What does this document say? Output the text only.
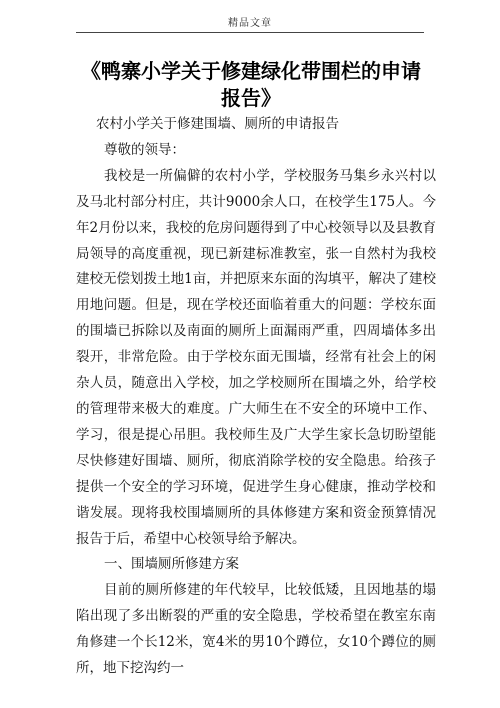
精品文章
《鸭寨小学关于修建绿化带围栏的申请报告》

农村小学关于修建围墙、厕所的申请报告

尊敬的领导：

我校是一所偏僻的农村小学，学校服务马集乡永兴村以及马北村部分村庄，共计9000余人口，在校学生175人。今年2月份以来，我校的危房问题得到了中心校领导以及县教育局领导的高度重视，现已新建标准教室，张一自然村为我校建校无偿划拨土地1亩，并把原来东面的沟填平，解决了建校用地问题。但是，现在学校还面临着重大的问题：学校东面的围墙已拆除以及南面的厕所上面漏雨严重，四周墙体多出裂开，非常危险。由于学校东面无围墙，经常有社会上的闲杂人员，随意出入学校，加之学校厕所在围墙之外，给学校的管理带来极大的难度。广大师生在不安全的环境中工作、学习，很是提心吊胆。我校师生及广大学生家长急切盼望能尽快修建好围墙、厕所，彻底消除学校的安全隐患。给孩子提供一个安全的学习环境，促进学生身心健康，推动学校和谐发展。现将我校围墙厕所的具体修建方案和资金预算情况报告于后，希望中心校领导给予解决。

一、围墙厕所修建方案

目前的厕所修建的年代较早，比较低矮，且因地基的塌陷出现了多出断裂的严重的安全隐患，学校希望在教室东南角修建一个长12米，宽4米的男10个蹲位，女10个蹲位的厕所，地下挖沟约一
